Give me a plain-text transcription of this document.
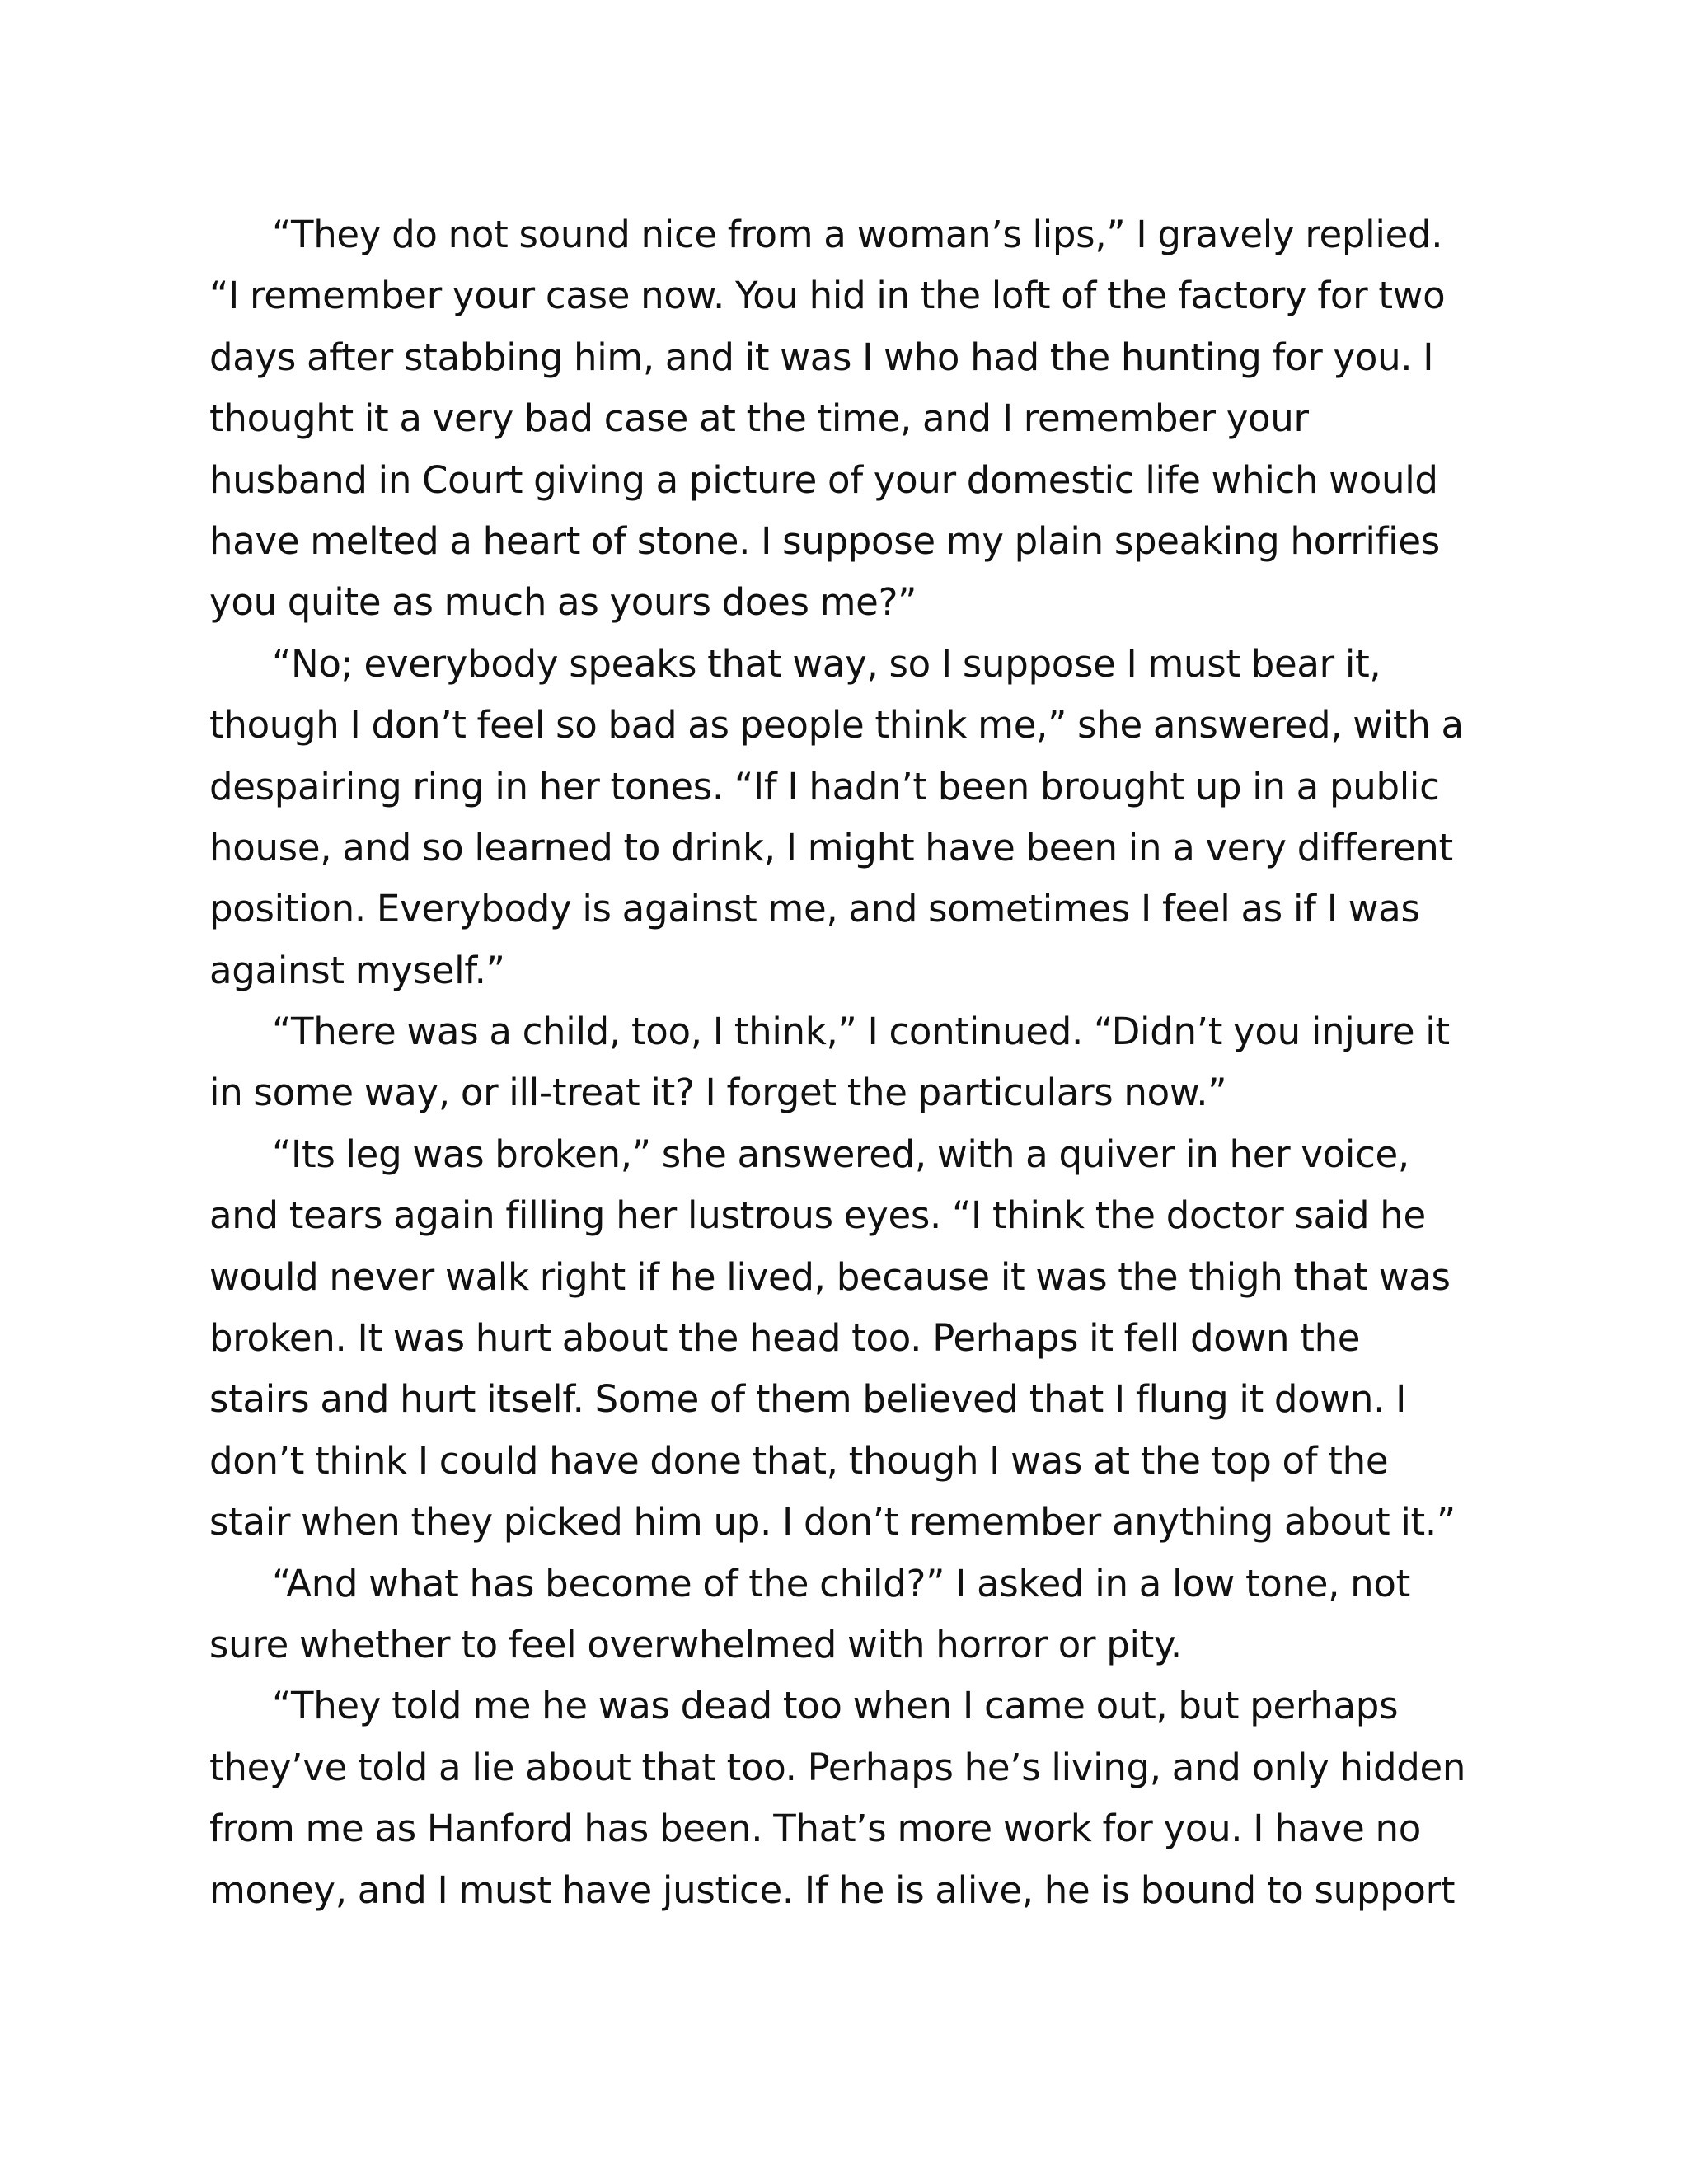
“They do not sound nice from a woman’s lips,” I gravely replied.
“I remember your case now. You hid in the loft of the factory for two
days after stabbing him, and it was I who had the hunting for you. I
thought it a very bad case at the time, and I remember your
husband in Court giving a picture of your domestic life which would
have melted a heart of stone. I suppose my plain speaking horrifies
you quite as much as yours does me?”
“No; everybody speaks that way, so I suppose I must bear it,
though I don’t feel so bad as people think me,” she answered, with a
despairing ring in her tones. “If I hadn’t been brought up in a public
house, and so learned to drink, I might have been in a very different
position. Everybody is against me, and sometimes I feel as if I was
against myself.”
“There was a child, too, I think,” I continued. “Didn’t you injure it
in some way, or ill-treat it? I forget the particulars now.”
“Its leg was broken,” she answered, with a quiver in her voice,
and tears again filling her lustrous eyes. “I think the doctor said he
would never walk right if he lived, because it was the thigh that was
broken. It was hurt about the head too. Perhaps it fell down the
stairs and hurt itself. Some of them believed that I flung it down. I
don’t think I could have done that, though I was at the top of the
stair when they picked him up. I don’t remember anything about it.”
“And what has become of the child?” I asked in a low tone, not
sure whether to feel overwhelmed with horror or pity.
“They told me he was dead too when I came out, but perhaps
they’ve told a lie about that too. Perhaps he’s living, and only hidden
from me as Hanford has been. That’s more work for you. I have no
money, and I must have justice. If he is alive, he is bound to support
